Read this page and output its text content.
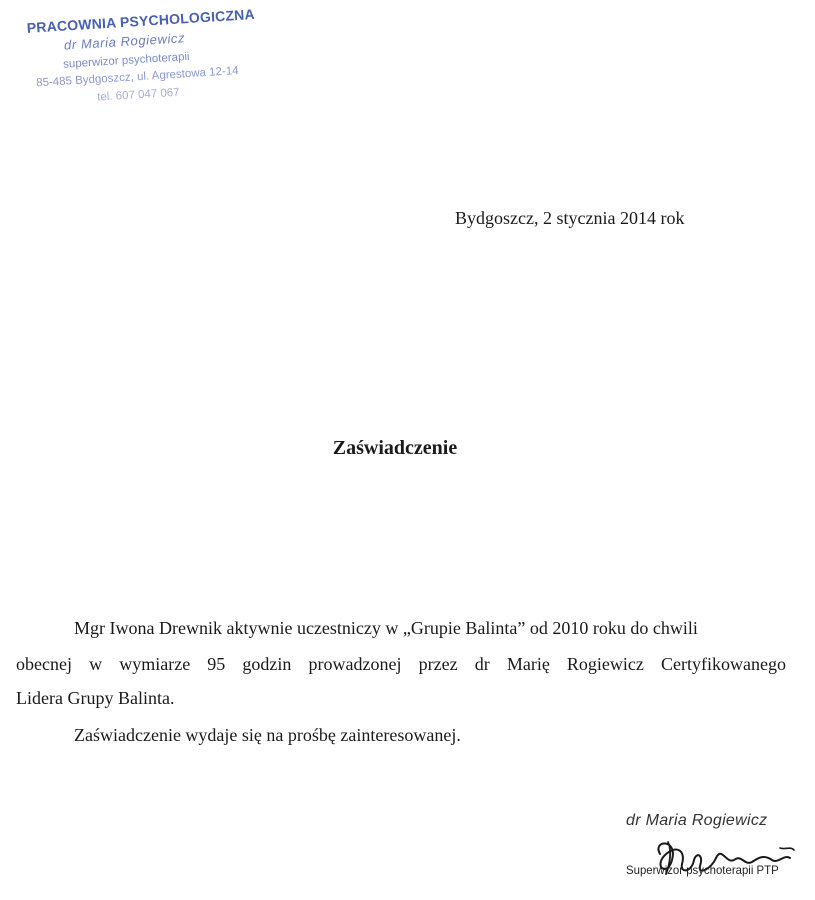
PRACOWNIA PSYCHOLOGICZNA
dr Maria Rogiewicz
superwizor psychoterapii
85-485 Bydgoszcz, ul. Agrestowa 12-14
tel. 607 047 067
Bydgoszcz, 2 stycznia 2014 rok
Zaświadczenie
Mgr Iwona Drewnik aktywnie uczestniczy w „Grupie Balinta” od 2010 roku do chwili
obecnej w wymiarze 95 godzin prowadzonej przez dr Marię Rogiewicz Certyfikowanego
Lidera Grupy Balinta.
Zaświadczenie wydaje się na prośbę zainteresowanej.
dr Maria Rogiewicz
Superwizor psychoterapii PTP
